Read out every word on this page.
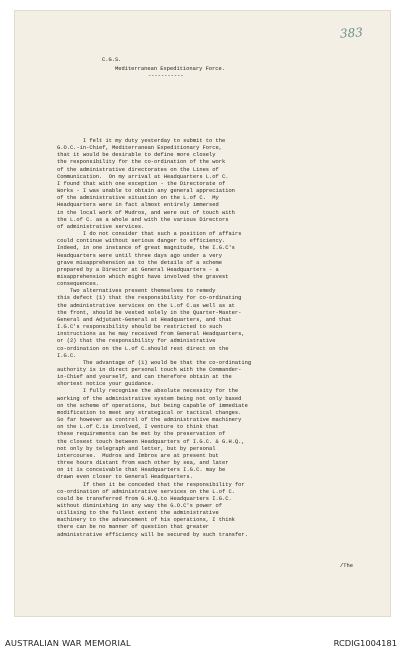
383
C.G.S.
Mediterranean Expeditionary Force.
-----------
I felt it my duty yesterday to submit to the
G.O.C.-in-Chief, Mediterranean Expeditionary Force,
that it would be desirable to define more closely
the responsibility for the co-ordination of the work
of the administrative directorates on the Lines of
Communication.  On my arrival at Headquarters L.of C.
I found that with one exception - the Directorate of
Works - I was unable to obtain any general appreciation
of the administrative situation on the L.of C.  My
Headquarters were in fact almost entirely immersed
in the local work of Mudros, and were out of touch with
the L.of C. as a whole and with the various Directors
of administrative services.
I do not consider that such a position of affairs
could continue without serious danger to efficiency.
Indeed, in one instance of great magnitude, the I.G.C's
Headquarters were until three days ago under a very
grave misapprehension as to the details of a scheme
prepared by a Director at General Headquarters - a
misapprehension which might have involved the gravest
consequences.
Two alternatives present themselves to remedy
this defect (1) that the responsibility for co-ordinating
the administrative services on the L.of C.as well as at
the front, should be vested solely in the Quarter-Master-
General and Adjutant-General at Headquarters, and that
I.G.C's responsibility should be restricted to such
instructions as he may received from General Headquarters,
or (2) that the responsibility for administrative
co-ordination on the L.of C.should rest direct on the
I.G.C.
The advantage of (1) would be that the co-ordinating
authority is in direct personal touch with the Commander-
in-Chief and yourself, and can therefore obtain at the
shortest notice your guidance.
I fully recognise the absolute necessity for the
working of the administrative system being not only based
on the scheme of operations, but being capable of immediate
modification to meet any strategical or tactical changes.
So far however as control of the administrative machinery
on the L.of C.is involved, I venture to think that
these requirements can be met by the preservation of
the closest touch between Headquarters of I.G.C. & G.H.Q.,
not only by telegraph and letter, but by personal
intercourse.  Mudros and Imbros are at present but
three hours distant from each other by sea, and later
on it is conceivable that Headquarters I.G.C. may be
drawn even closer to General Headquarters.
If then it be conceded that the responsibility for
co-ordination of administrative services on the L.of C.
could be transferred from G.H.Q.to Headquarters I.G.C.
without diminishing in any way the G.O.C's power of
utilising to the fullest extent the administrative
machinery to the advancement of his operations, I think
there can be no manner of question that greater
administrative efficiency will be secured by such transfer.
/The
AUSTRALIAN WAR MEMORIAL	RCDIG1004181
